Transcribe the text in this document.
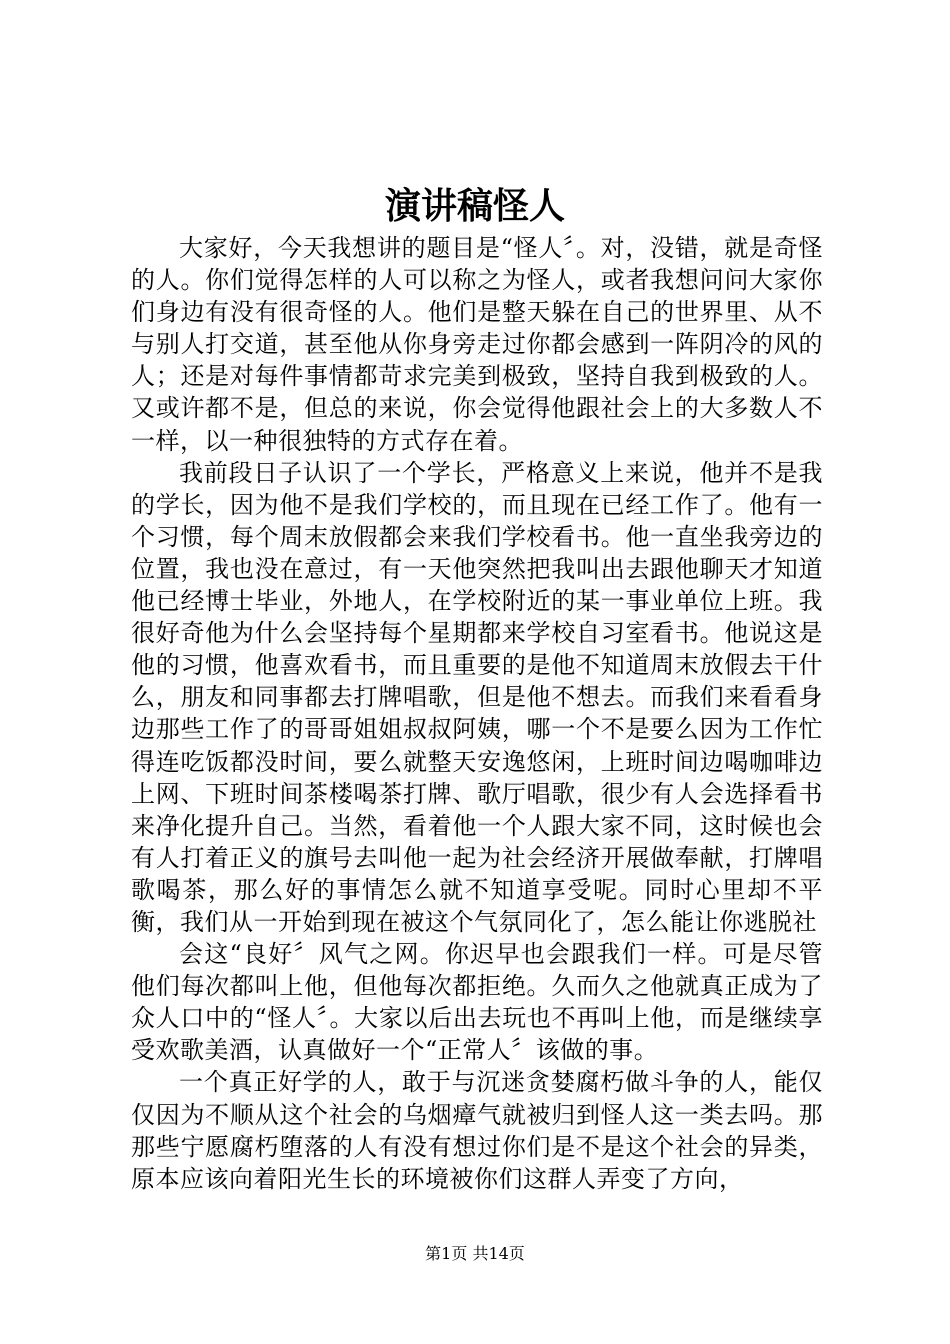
演讲稿怪人

大家好，今天我想讲的题目是“怪人〞。对，没错，就是奇怪的人。你们觉得怎样的人可以称之为怪人，或者我想问问大家你们身边有没有很奇怪的人。他们是整天躲在自己的世界里、从不与别人打交道，甚至他从你身旁走过你都会感到一阵阴冷的风的人；还是对每件事情都苛求完美到极致，坚持自我到极致的人。又或许都不是，但总的来说，你会觉得他跟社会上的大多数人不一样，以一种很独特的方式存在着。

我前段日子认识了一个学长，严格意义上来说，他并不是我的学长，因为他不是我们学校的，而且现在已经工作了。他有一个习惯，每个周末放假都会来我们学校看书。他一直坐我旁边的位置，我也没在意过，有一天他突然把我叫出去跟他聊天才知道他已经博士毕业，外地人，在学校附近的某一事业单位上班。我很好奇他为什么会坚持每个星期都来学校自习室看书。他说这是他的习惯，他喜欢看书，而且重要的是他不知道周末放假去干什么，朋友和同事都去打牌唱歌，但是他不想去。而我们来看看身边那些工作了的哥哥姐姐叔叔阿姨，哪一个不是要么因为工作忙得连吃饭都没时间，要么就整天安逸悠闲，上班时间边喝咖啡边上网、下班时间茶楼喝茶打牌、歌厅唱歌，很少有人会选择看书来净化提升自己。当然，看着他一个人跟大家不同，这时候也会有人打着正义的旗号去叫他一起为社会经济开展做奉献，打牌唱歌喝茶，那么好的事情怎么就不知道享受呢。同时心里却不平衡，我们从一开始到现在被这个气氛同化了，怎么能让你逃脱社

会这“良好〞风气之网。你迟早也会跟我们一样。可是尽管他们每次都叫上他，但他每次都拒绝。久而久之他就真正成为了众人口中的“怪人〞。大家以后出去玩也不再叫上他，而是继续享受欢歌美酒，认真做好一个“正常人〞该做的事。

一个真正好学的人，敢于与沉迷贪婪腐朽做斗争的人，能仅仅因为不顺从这个社会的乌烟瘴气就被归到怪人这一类去吗。那那些宁愿腐朽堕落的人有没有想过你们是不是这个社会的异类，原本应该向着阳光生长的环境被你们这群人弄变了方向，

第1页 共14页
